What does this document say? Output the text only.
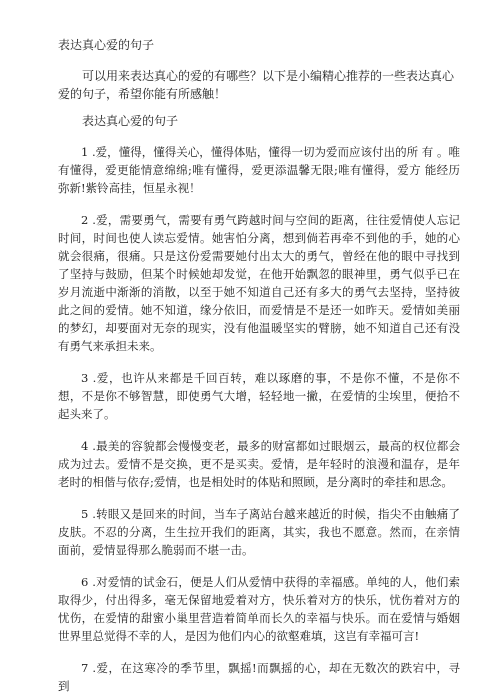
表达真心爱的句子
可以用来表达真心的爱的有哪些？以下是小编精心推荐的一些表达真心爱的句子，希望你能有所感触！
表达真心爱的句子
1 .爱，懂得，懂得关心，懂得体贴，懂得一切为爱而应该付出的所 有 。唯有懂得，爱更能情意绵绵;唯有懂得，爱更添温馨无限;唯有懂得，爱方 能经历弥新!紫铃高挂，恒星永视！
2 .爱，需要勇气，需要有勇气跨越时间与空间的距离，往往爱情使人忘记 时间，时间也使人读忘爱情。她害怕分离，想到倘若再牵不到他的手，她的心 就会很痛，很痛。只是这份爱需要她付出太大的勇气，曾经在他的眼中寻找到 了坚持与鼓励，但某个时候她却发觉，在他开始飘忽的眼神里，勇气似乎已在 岁月流逝中渐渐的消散，以至于她不知道自己还有多大的勇气去坚持，坚持彼 此之间的爱情。她不知道，缘分依旧，而爱情是不是还一如昨天。爱情如美丽 的梦幻，却要面对无奈的现实，没有他温暖坚实的臂膀，她不知道自己还有没 有勇气来承担未来。
3 .爱，也许从来都是千回百转，难以琢磨的事，不是你不懂，不是你不 想，不是你不够智慧，即使勇气大增，轻轻地一撇，在爱情的尘埃里，便拾不 起头来了。
4 .最美的容貌都会慢慢变老，最多的财富都如过眼烟云，最高的权位都会 成为过去。爱情不是交换，更不是买卖。爱情，是年轻时的浪漫和温存，是年 老时的相偕与依存;爱情，也是相处时的体贴和照顾，是分离时的牵挂和思念。
5 .转眼又是回来的时间，当车子离站台越来越近的时候，指尖不由触痛了 皮肤。不忍的分离，生生拉开我们的距离，其实，我也不愿意。然而，在亲情 面前，爱情显得那么脆弱而不堪一击。
6 .对爱情的试金石，便是人们从爱情中获得的幸福感。单纯的人，他们索 取得少，付出得多，毫无保留地爱着对方，快乐着对方的快乐，忧伤着对方的 忧伤，在爱情的甜蜜小巢里营造着简单而长久的幸福与快乐。而在爱情与婚姻 世界里总觉得不幸的人，是因为他们内心的欲壑难填，这岂有幸福可言!
7 .爱，在这寒冷的季节里，飘摇!而飘摇的心，却在无数次的跌宕中，寻 到
